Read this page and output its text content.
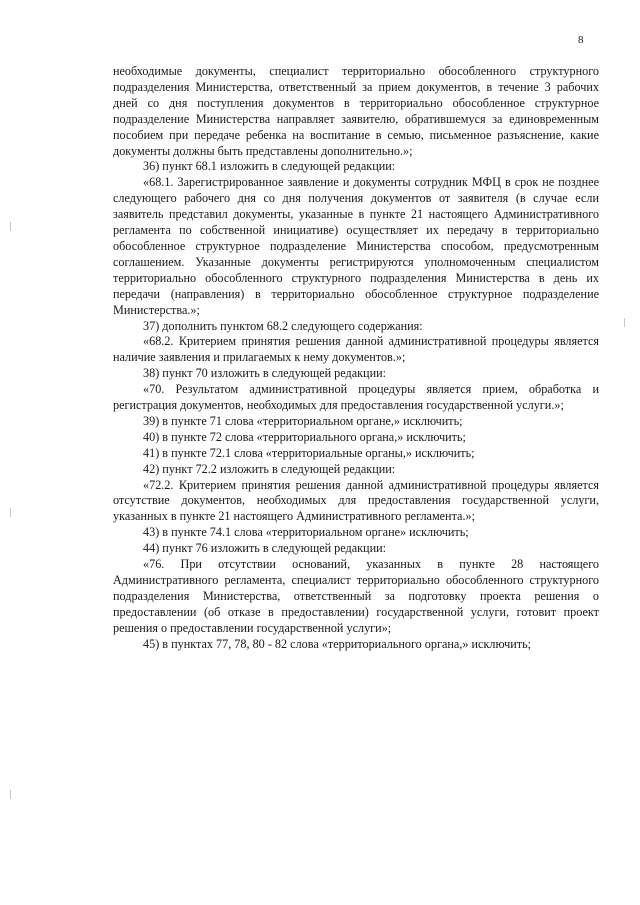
8

необходимые документы, специалист территориально обособленного структурного подразделения Министерства, ответственный за прием документов, в течение 3 рабочих дней со дня поступления документов в территориально обособленное структурное подразделение Министерства направляет заявителю, обратившемуся за единовременным пособием при передаче ребенка на воспитание в семью, письменное разъяснение, какие документы должны быть представлены дополнительно.»;

36) пункт 68.1 изложить в следующей редакции:

«68.1. Зарегистрированное заявление и документы сотрудник МФЦ в срок не позднее следующего рабочего дня со дня получения документов от заявителя (в случае если заявитель представил документы, указанные в пункте 21 настоящего Административного регламента по собственной инициативе) осуществляет их передачу в территориально обособленное структурное подразделение Министерства способом, предусмотренным соглашением. Указанные документы регистрируются уполномоченным специалистом территориально обособленного структурного подразделения Министерства в день их передачи (направления) в территориально обособленное структурное подразделение Министерства.»;

37) дополнить пунктом 68.2 следующего содержания:

«68.2. Критерием принятия решения данной административной процедуры является наличие заявления и прилагаемых к нему документов.»;

38) пункт 70 изложить в следующей редакции:

«70. Результатом административной процедуры является прием, обработка и регистрация документов, необходимых для предоставления государственной услуги.»;

39) в пункте 71 слова «территориальном органе,» исключить;

40) в пункте 72 слова «территориального органа,» исключить;

41) в пункте 72.1 слова «территориальные органы,» исключить;

42) пункт 72.2 изложить в следующей редакции:

«72.2. Критерием принятия решения данной административной процедуры является отсутствие документов, необходимых для предоставления государственной услуги, указанных в пункте 21 настоящего Административного регламента.»;

43) в пункте 74.1 слова «территориальном органе» исключить;

44) пункт 76 изложить в следующей редакции:

«76. При отсутствии оснований, указанных в пункте 28 настоящего Административного регламента, специалист территориально обособленного структурного подразделения Министерства, ответственный за подготовку проекта решения о предоставлении (об отказе в предоставлении) государственной услуги, готовит проект решения о предоставлении государственной услуги»;

45) в пунктах 77, 78, 80 - 82 слова «территориального органа,» исключить;
